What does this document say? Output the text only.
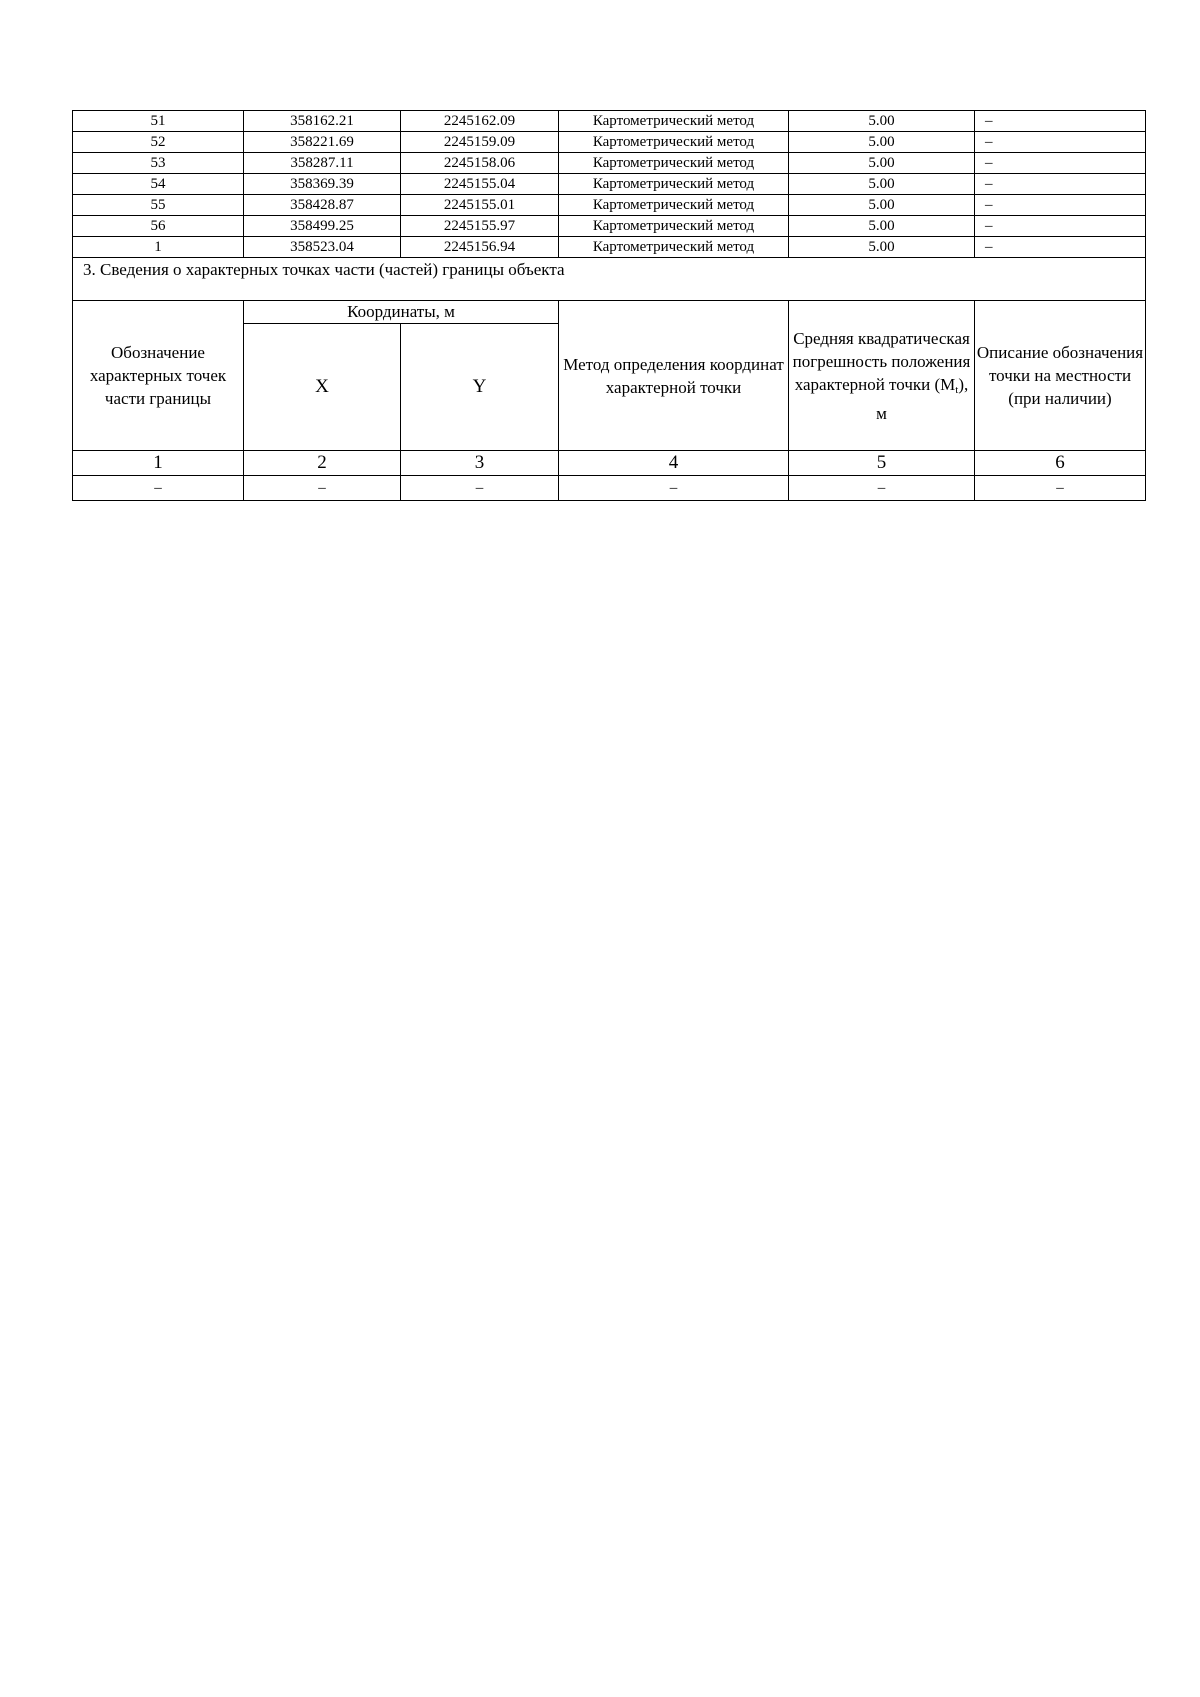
51	358162.21	2245162.09	Картометрический метод	5.00	–
52	358221.69	2245159.09	Картометрический метод	5.00	–
53	358287.11	2245158.06	Картометрический метод	5.00	–
54	358369.39	2245155.04	Картометрический метод	5.00	–
55	358428.87	2245155.01	Картометрический метод	5.00	–
56	358499.25	2245155.97	Картометрический метод	5.00	–
1	358523.04	2245156.94	Картометрический метод	5.00	–
3. Сведения о характерных точках части (частей) границы объекта					
Обозначение характерных точек части границы	Координаты, м		Метод определения координат характерной точки	Средняя квадратическая погрешность положения характерной точки $(M_t)$, м	Описание обозначения точки на местности (при наличии)
	X	Y			
1	2	3	4	5	6
–	–	–	–	–	–
